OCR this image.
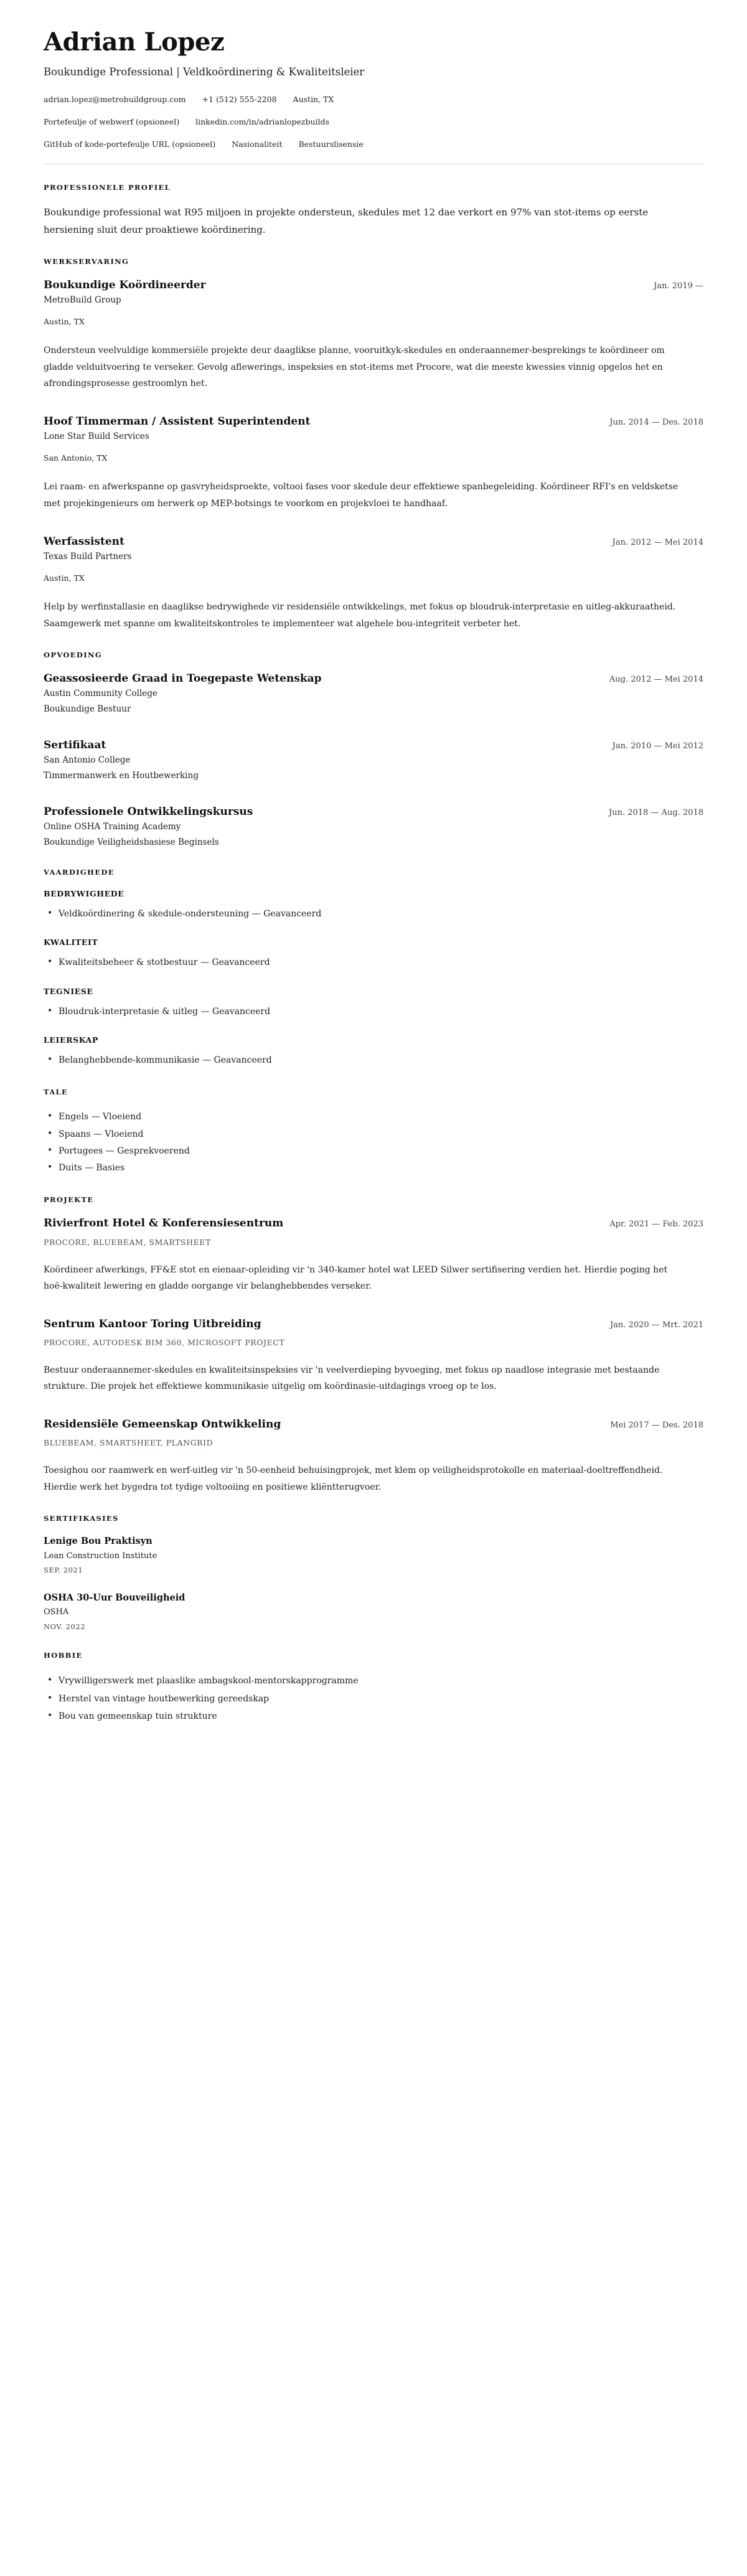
Adrian Lopez
Boukundige Professional | Veldkoördinering & Kwaliteitsleier
adrian.lopez@metrobuildgroup.com +1 (512) 555-2208 Austin, TX
Portefeulje of webwerf (opsioneel) linkedin.com/in/adrianlopezbuilds
GitHub of kode-portefeulje URL (opsioneel) Nasionaliteit Bestuurslisensie
PROFESSIONELE PROFIEL

Boukundige professional wat R95 miljoen in projekte ondersteun, skedules met 12 dae verkort en 97% van stot-items op eerste hersiening sluit deur proaktiewe koördinering.

WERKSERVARING
Boukundige Koördineerder	Jan. 2019 —

MetroBuild Group

Austin, TX

Ondersteun veelvuldige kommersiële projekte deur daaglikse planne, vooruitkyk-skedules en onderaannemer-besprekings te koördineer om gladde velduitvoering te verseker. Gevolg aflewerings, inspeksies en stot-items met Procore, wat die meeste kwessies vinnig opgelos het en afrondingsprosesse gestroomlyn het.

Hoof Timmerman / Assistent Superintendent	Jun. 2014 — Des. 2018

Lone Star Build Services

San Antonio, TX

Lei raam- en afwerkspanne op gasvryheidsproekte, voltooi fases voor skedule deur effektiewe spanbegeleiding. Koördineer RFI's en veldsketse met projekingenieurs om herwerk op MEP-botsings te voorkom en projekvloei te handhaaf.

Werfassistent	Jan. 2012 — Mei 2014

Texas Build Partners

Austin, TX

Help by werfinstallasie en daaglikse bedrywighede vir residensiële ontwikkelings, met fokus op bloudruk-interpretasie en uitleg-akkuraatheid. Saamgewerk met spanne om kwaliteitskontroles te implementeer wat algehele bou-integriteit verbeter het.

OPVOEDING
Geassosieerde Graad in Toegepaste Wetenskap	Aug. 2012 — Mei 2014

Austin Community College

Boukundige Bestuur

Sertifikaat	Jan. 2010 — Mei 2012

San Antonio College

Timmermanwerk en Houtbewerking

Professionele Ontwikkelingskursus	Jun. 2018 — Aug. 2018

Online OSHA Training Academy

Boukundige Veiligheidsbasiese Beginsels

VAARDIGHEDE
BEDRYWIGHEDE
• Veldkoördinering & skedule-ondersteuning — Geavanceerd
KWALITEIT
• Kwaliteitsbeheer & stotbestuur — Geavanceerd
TEGNIESE
• Bloudruk-interpretasie & uitleg — Geavanceerd
LEIERSKAP
• Belanghebbende-kommunikasie — Geavanceerd
TALE
• Engels — Vloeiend
• Spaans — Vloeiend
• Portugees — Gesprekvoerend
• Duits — Basies
PROJEKTE
Rivierfront Hotel & Konferensiesentrum	Apr. 2021 — Feb. 2023

PROCORE, BLUEBEAM, SMARTSHEET

Koördineer afwerkings, FF&E stot en eienaar-opleiding vir 'n 340-kamer hotel wat LEED Silwer sertifisering verdien het. Hierdie poging het hoë-kwaliteit lewering en gladde oorgange vir belanghebbendes verseker.

Sentrum Kantoor Toring Uitbreiding	Jan. 2020 — Mrt. 2021

PROCORE, AUTODESK BIM 360, MICROSOFT PROJECT

Bestuur onderaannemer-skedules en kwaliteitsinspeksies vir 'n veelverdieping byvoeging, met fokus op naadlose integrasie met bestaande strukture. Die projek het effektiewe kommunikasie uitgelig om koördinasie-uitdagings vroeg op te los.

Residensiële Gemeenskap Ontwikkeling	Mei 2017 — Des. 2018

BLUEBEAM, SMARTSHEET, PLANGRID

Toesighou oor raamwerk en werf-uitleg vir 'n 50-eenheid behuisingprojek, met klem op veiligheidsprotokolle en materiaal-doeltreffendheid. Hierdie werk het bygedra tot tydige voltooiing en positiewe kliëntterugvoer.

SERTIFIKASIES

Lenige Bou Praktisyn

Lean Construction Institute

SEP. 2021

OSHA 30-Uur Bouveiligheid

OSHA

NOV. 2022

HOBBIE
• Vrywilligerswerk met plaaslike ambagskool-mentorskapprogramme
• Herstel van vintage houtbewerking gereedskap
• Bou van gemeenskap tuin strukture
